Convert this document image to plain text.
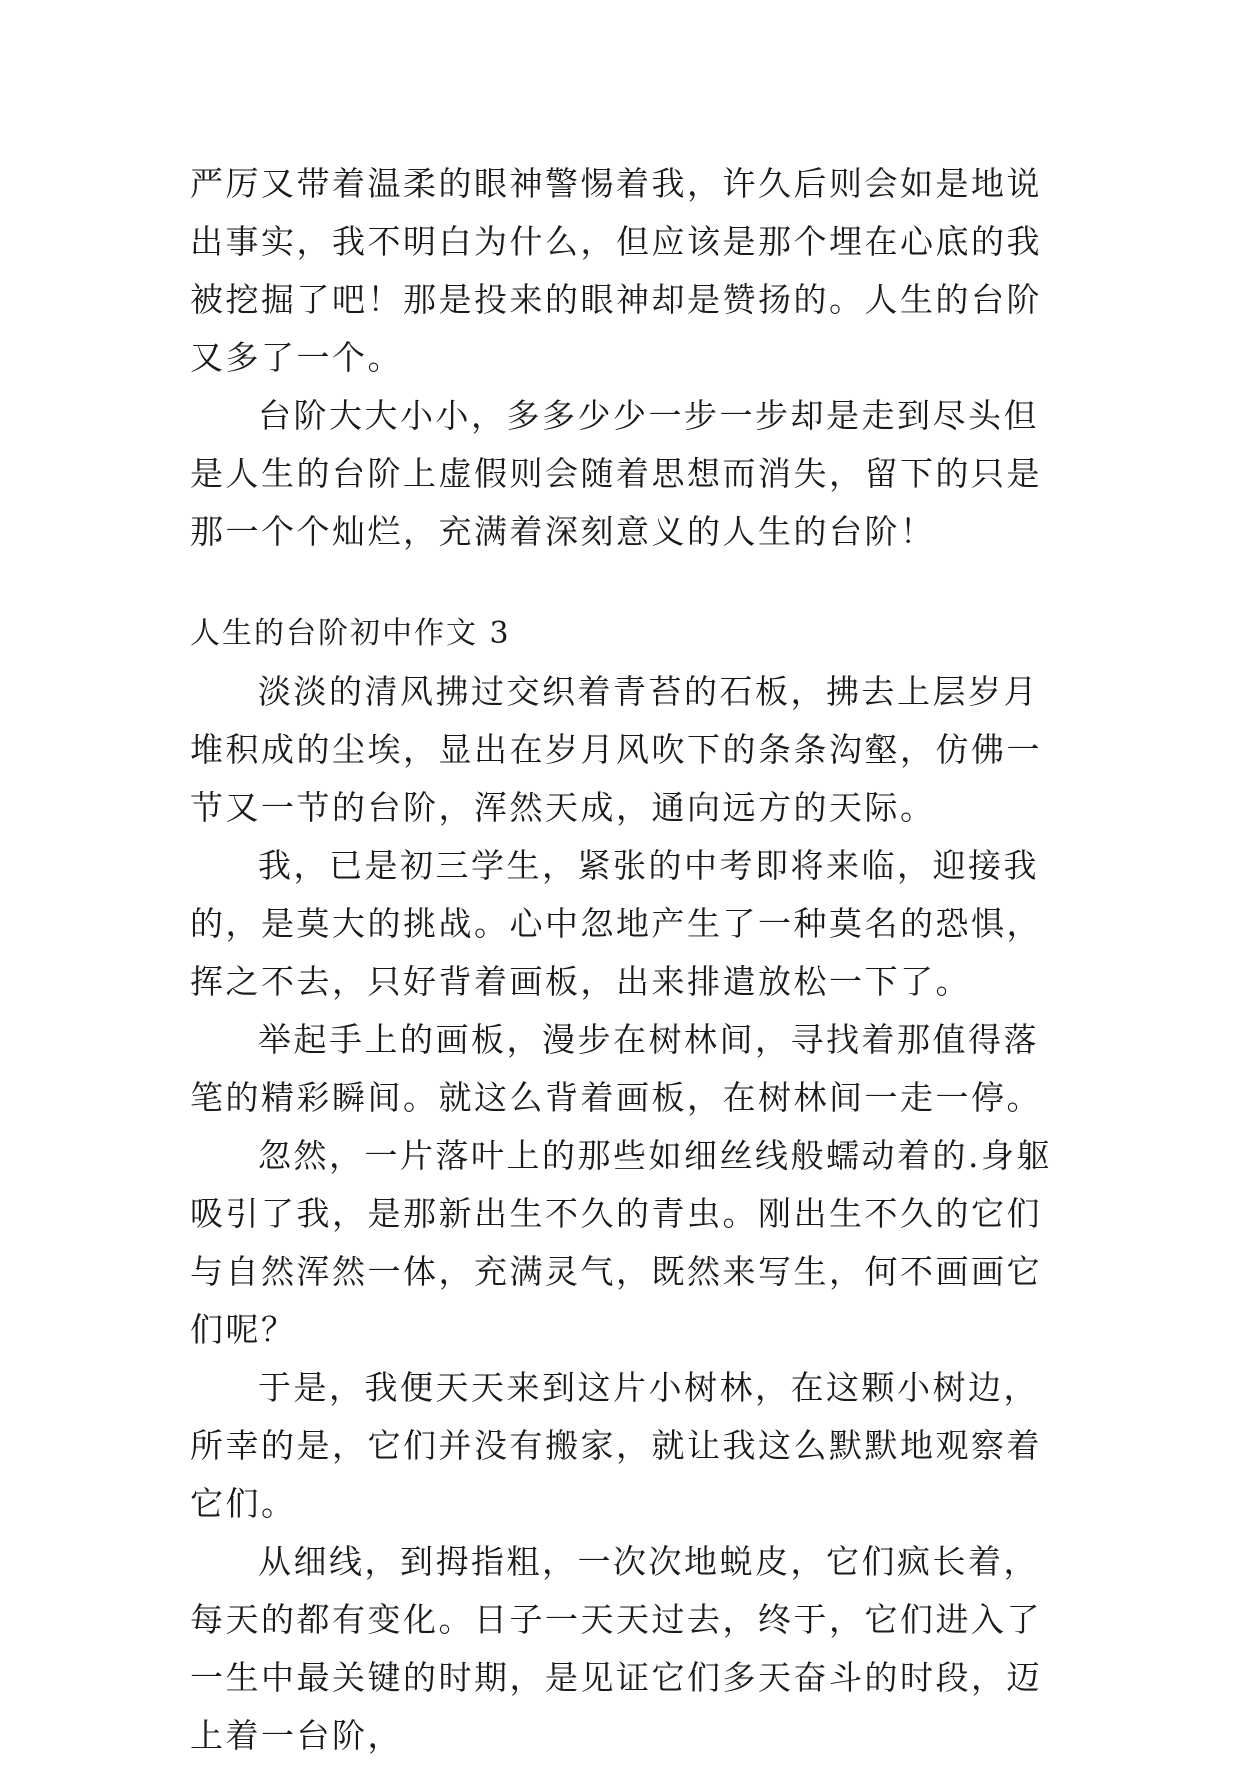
严厉又带着温柔的眼神警惕着我，许久后则会如是地说出事实，我不明白为什么，但应该是那个埋在心底的我被挖掘了吧！那是投来的眼神却是赞扬的。人生的台阶又多了一个。

台阶大大小小，多多少少一步一步却是走到尽头但是人生的台阶上虚假则会随着思想而消失，留下的只是那一个个灿烂，充满着深刻意义的人生的台阶！

人生的台阶初中作文 3

淡淡的清风拂过交织着青苔的石板，拂去上层岁月堆积成的尘埃，显出在岁月风吹下的条条沟壑，仿佛一节又一节的台阶，浑然天成，通向远方的天际。

我，已是初三学生，紧张的中考即将来临，迎接我的，是莫大的挑战。心中忽地产生了一种莫名的恐惧，挥之不去，只好背着画板，出来排遣放松一下了。

举起手上的画板，漫步在树林间，寻找着那值得落笔的精彩瞬间。就这么背着画板，在树林间一走一停。

忽然，一片落叶上的那些如细丝线般蠕动着的.身躯吸引了我，是那新出生不久的青虫。刚出生不久的它们与自然浑然一体，充满灵气，既然来写生，何不画画它们呢？

于是，我便天天来到这片小树林，在这颗小树边，所幸的是，它们并没有搬家，就让我这么默默地观察着它们。

从细线，到拇指粗，一次次地蜕皮，它们疯长着，每天的都有变化。日子一天天过去，终于，它们进入了一生中最关键的时期，是见证它们多天奋斗的时段，迈上着一台阶，
